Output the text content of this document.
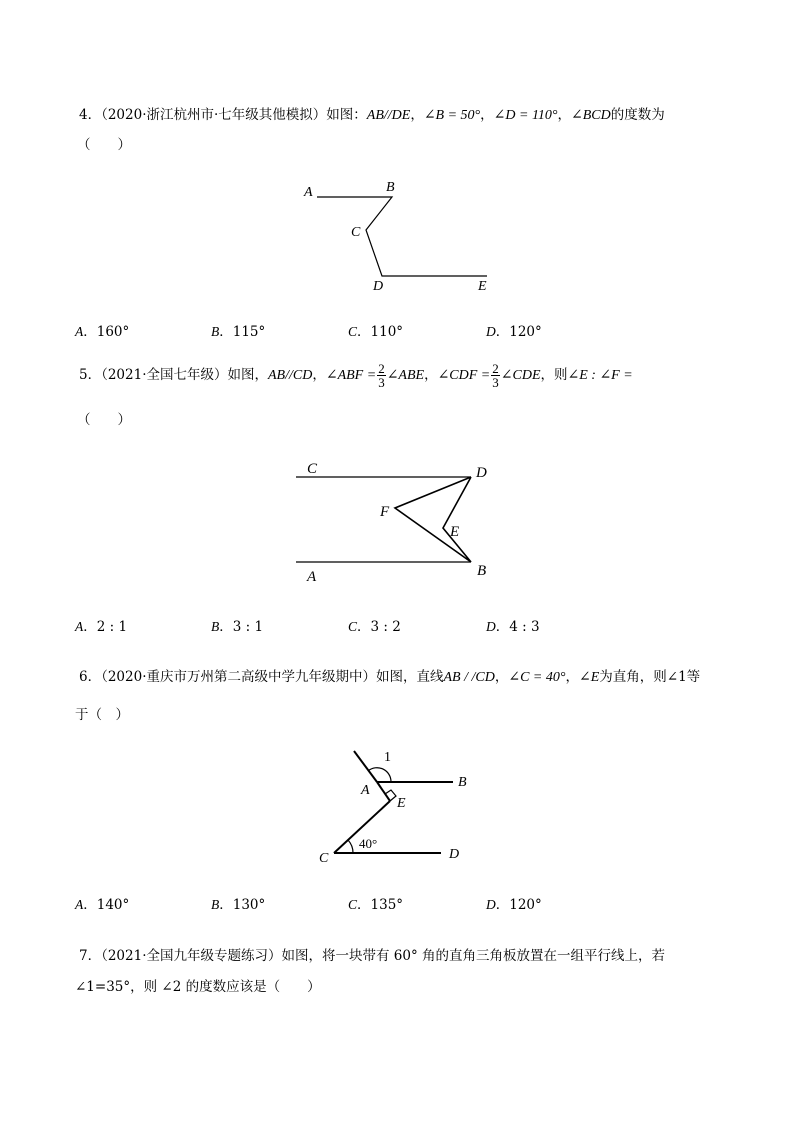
4．（2020·浙江杭州市·七年级其他模拟）如图：AB//DE，∠B = 50°，∠D = 110°，∠BCD的度数为
（　　）
A	B
C
D	E
A．160°	B．115°	C．110°	D．120°
5．（2021·全国七年级）如图，AB//CD，∠ABF = $\frac{2}{3}$ ∠ABE，∠CDF = $\frac{2}{3}$ ∠CDE，则∠E : ∠F =
（　　）
C	D
F
E
A	B
A．2 : 1	B．3 : 1	C．3 : 2	D．4 : 3
6．（2020·重庆市万州第二高级中学九年级期中）如图，直线AB / /CD，∠C = 40°，∠E为直角，则∠1等
于（　）
1
A
B
E
40°
C	D
A．140°	B．130°	C．135°	D．120°
7．（2021·全国九年级专题练习）如图，将一块带有 60° 角的直角三角板放置在一组平行线上，若
∠1=35°，则 ∠2 的度数应该是（　　）
